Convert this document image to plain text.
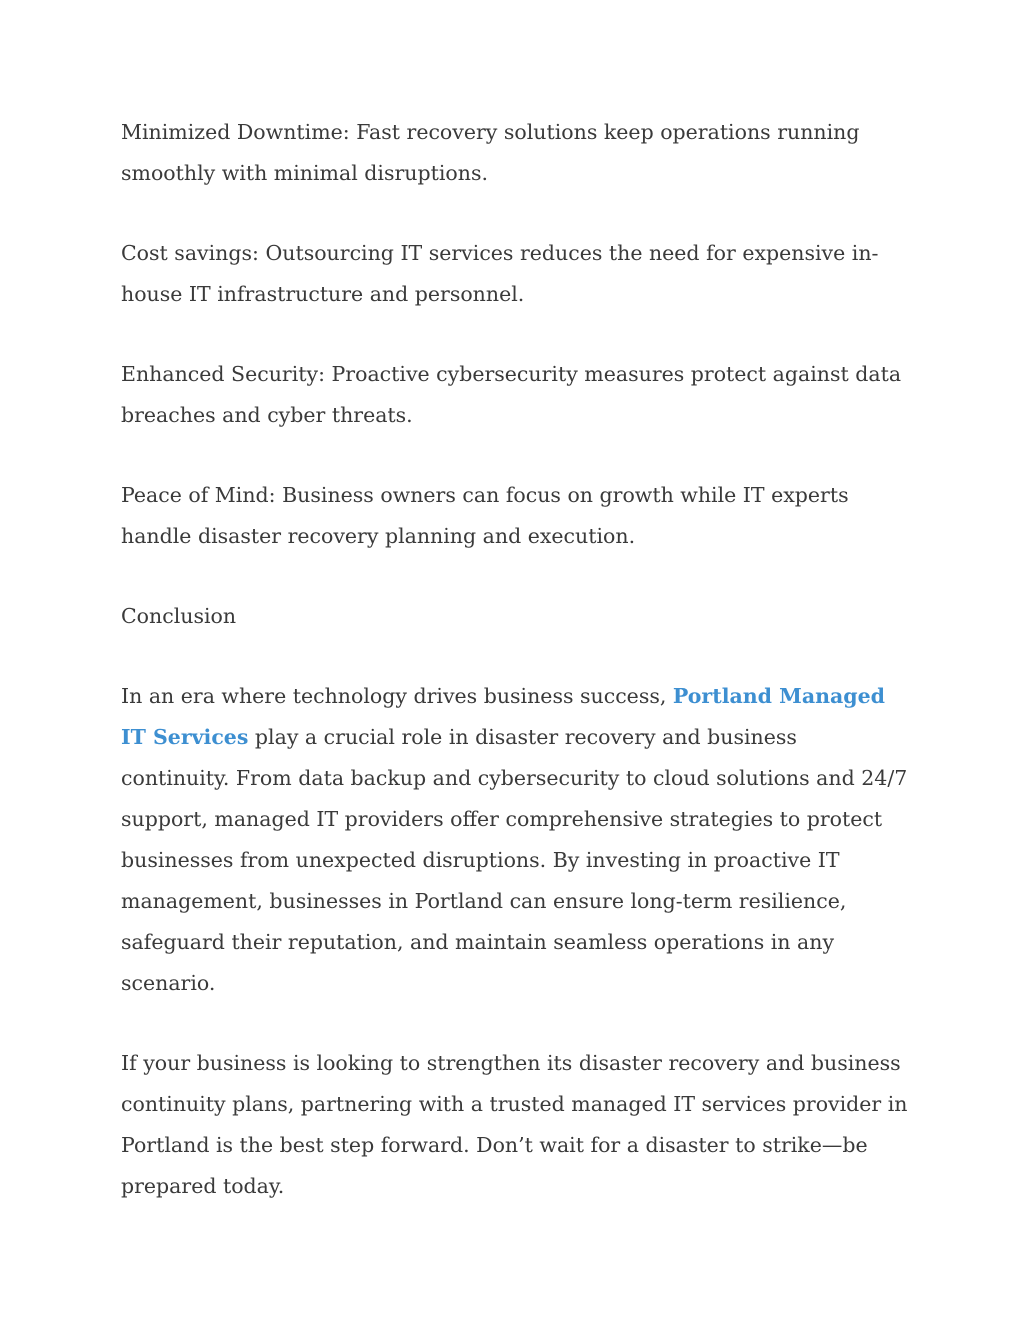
Minimized Downtime: Fast recovery solutions keep operations running smoothly with minimal disruptions.

Cost savings: Outsourcing IT services reduces the need for expensive in-house IT infrastructure and personnel.

Enhanced Security: Proactive cybersecurity measures protect against data breaches and cyber threats.

Peace of Mind: Business owners can focus on growth while IT experts handle disaster recovery planning and execution.

Conclusion

In an era where technology drives business success, Portland Managed IT Services play a crucial role in disaster recovery and business continuity. From data backup and cybersecurity to cloud solutions and 24/7 support, managed IT providers offer comprehensive strategies to protect businesses from unexpected disruptions. By investing in proactive IT management, businesses in Portland can ensure long-term resilience, safeguard their reputation, and maintain seamless operations in any scenario.

If your business is looking to strengthen its disaster recovery and business continuity plans, partnering with a trusted managed IT services provider in Portland is the best step forward. Don’t wait for a disaster to strike—be prepared today.
